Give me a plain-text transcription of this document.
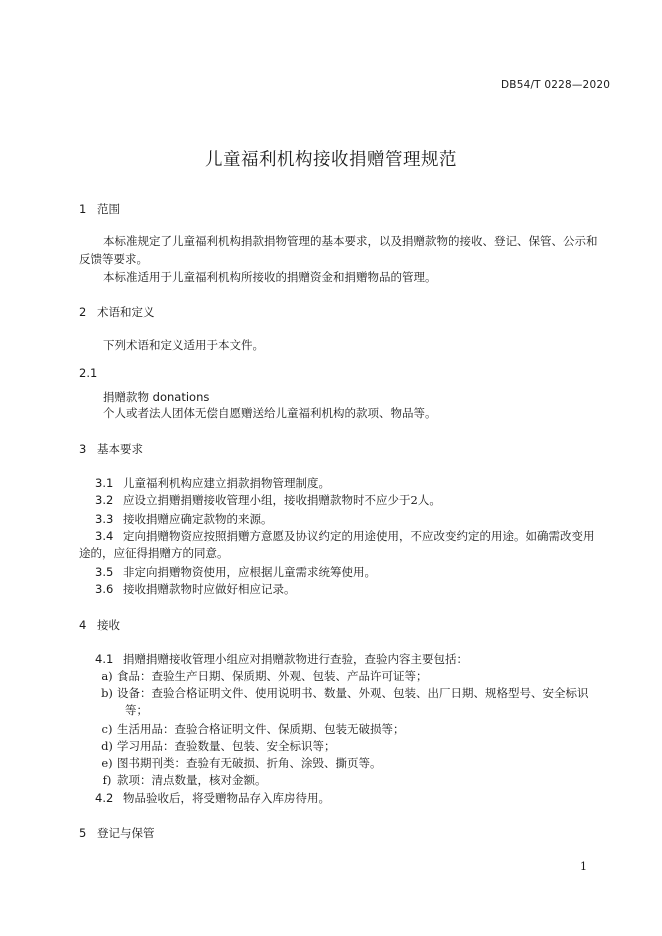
DB54/T 0228—2020
儿童福利机构接收捐赠管理规范
1 范围
本标准规定了儿童福利机构捐款捐物管理的基本要求，以及捐赠款物的接收、登记、保管、公示和
反馈等要求。
本标准适用于儿童福利机构所接收的捐赠资金和捐赠物品的管理。
2 术语和定义
下列术语和定义适用于本文件。
2.1
捐赠款物 donations
个人或者法人团体无偿自愿赠送给儿童福利机构的款项、物品等。
3 基本要求
3.1 儿童福利机构应建立捐款捐物管理制度。
3.2 应设立捐赠捐赠接收管理小组，接收捐赠款物时不应少于2人。
3.3 接收捐赠应确定款物的来源。
3.4 定向捐赠物资应按照捐赠方意愿及协议约定的用途使用，不应改变约定的用途。如确需改变用
途的，应征得捐赠方的同意。
3.5 非定向捐赠物资使用，应根据儿童需求统筹使用。
3.6 接收捐赠款物时应做好相应记录。
4 接收
4.1 捐赠捐赠接收管理小组应对捐赠款物进行查验，查验内容主要包括：
a) 食品：查验生产日期、保质期、外观、包装、产品许可证等；
b) 设备：查验合格证明文件、使用说明书、数量、外观、包装、出厂日期、规格型号、安全标识
等；
c) 生活用品：查验合格证明文件、保质期、包装无破损等；
d) 学习用品：查验数量、包装、安全标识等；
e) 图书期刊类：查验有无破损、折角、涂毁、撕页等。
f) 款项：清点数量，核对金额。
4.2 物品验收后，将受赠物品存入库房待用。
5 登记与保管
1
